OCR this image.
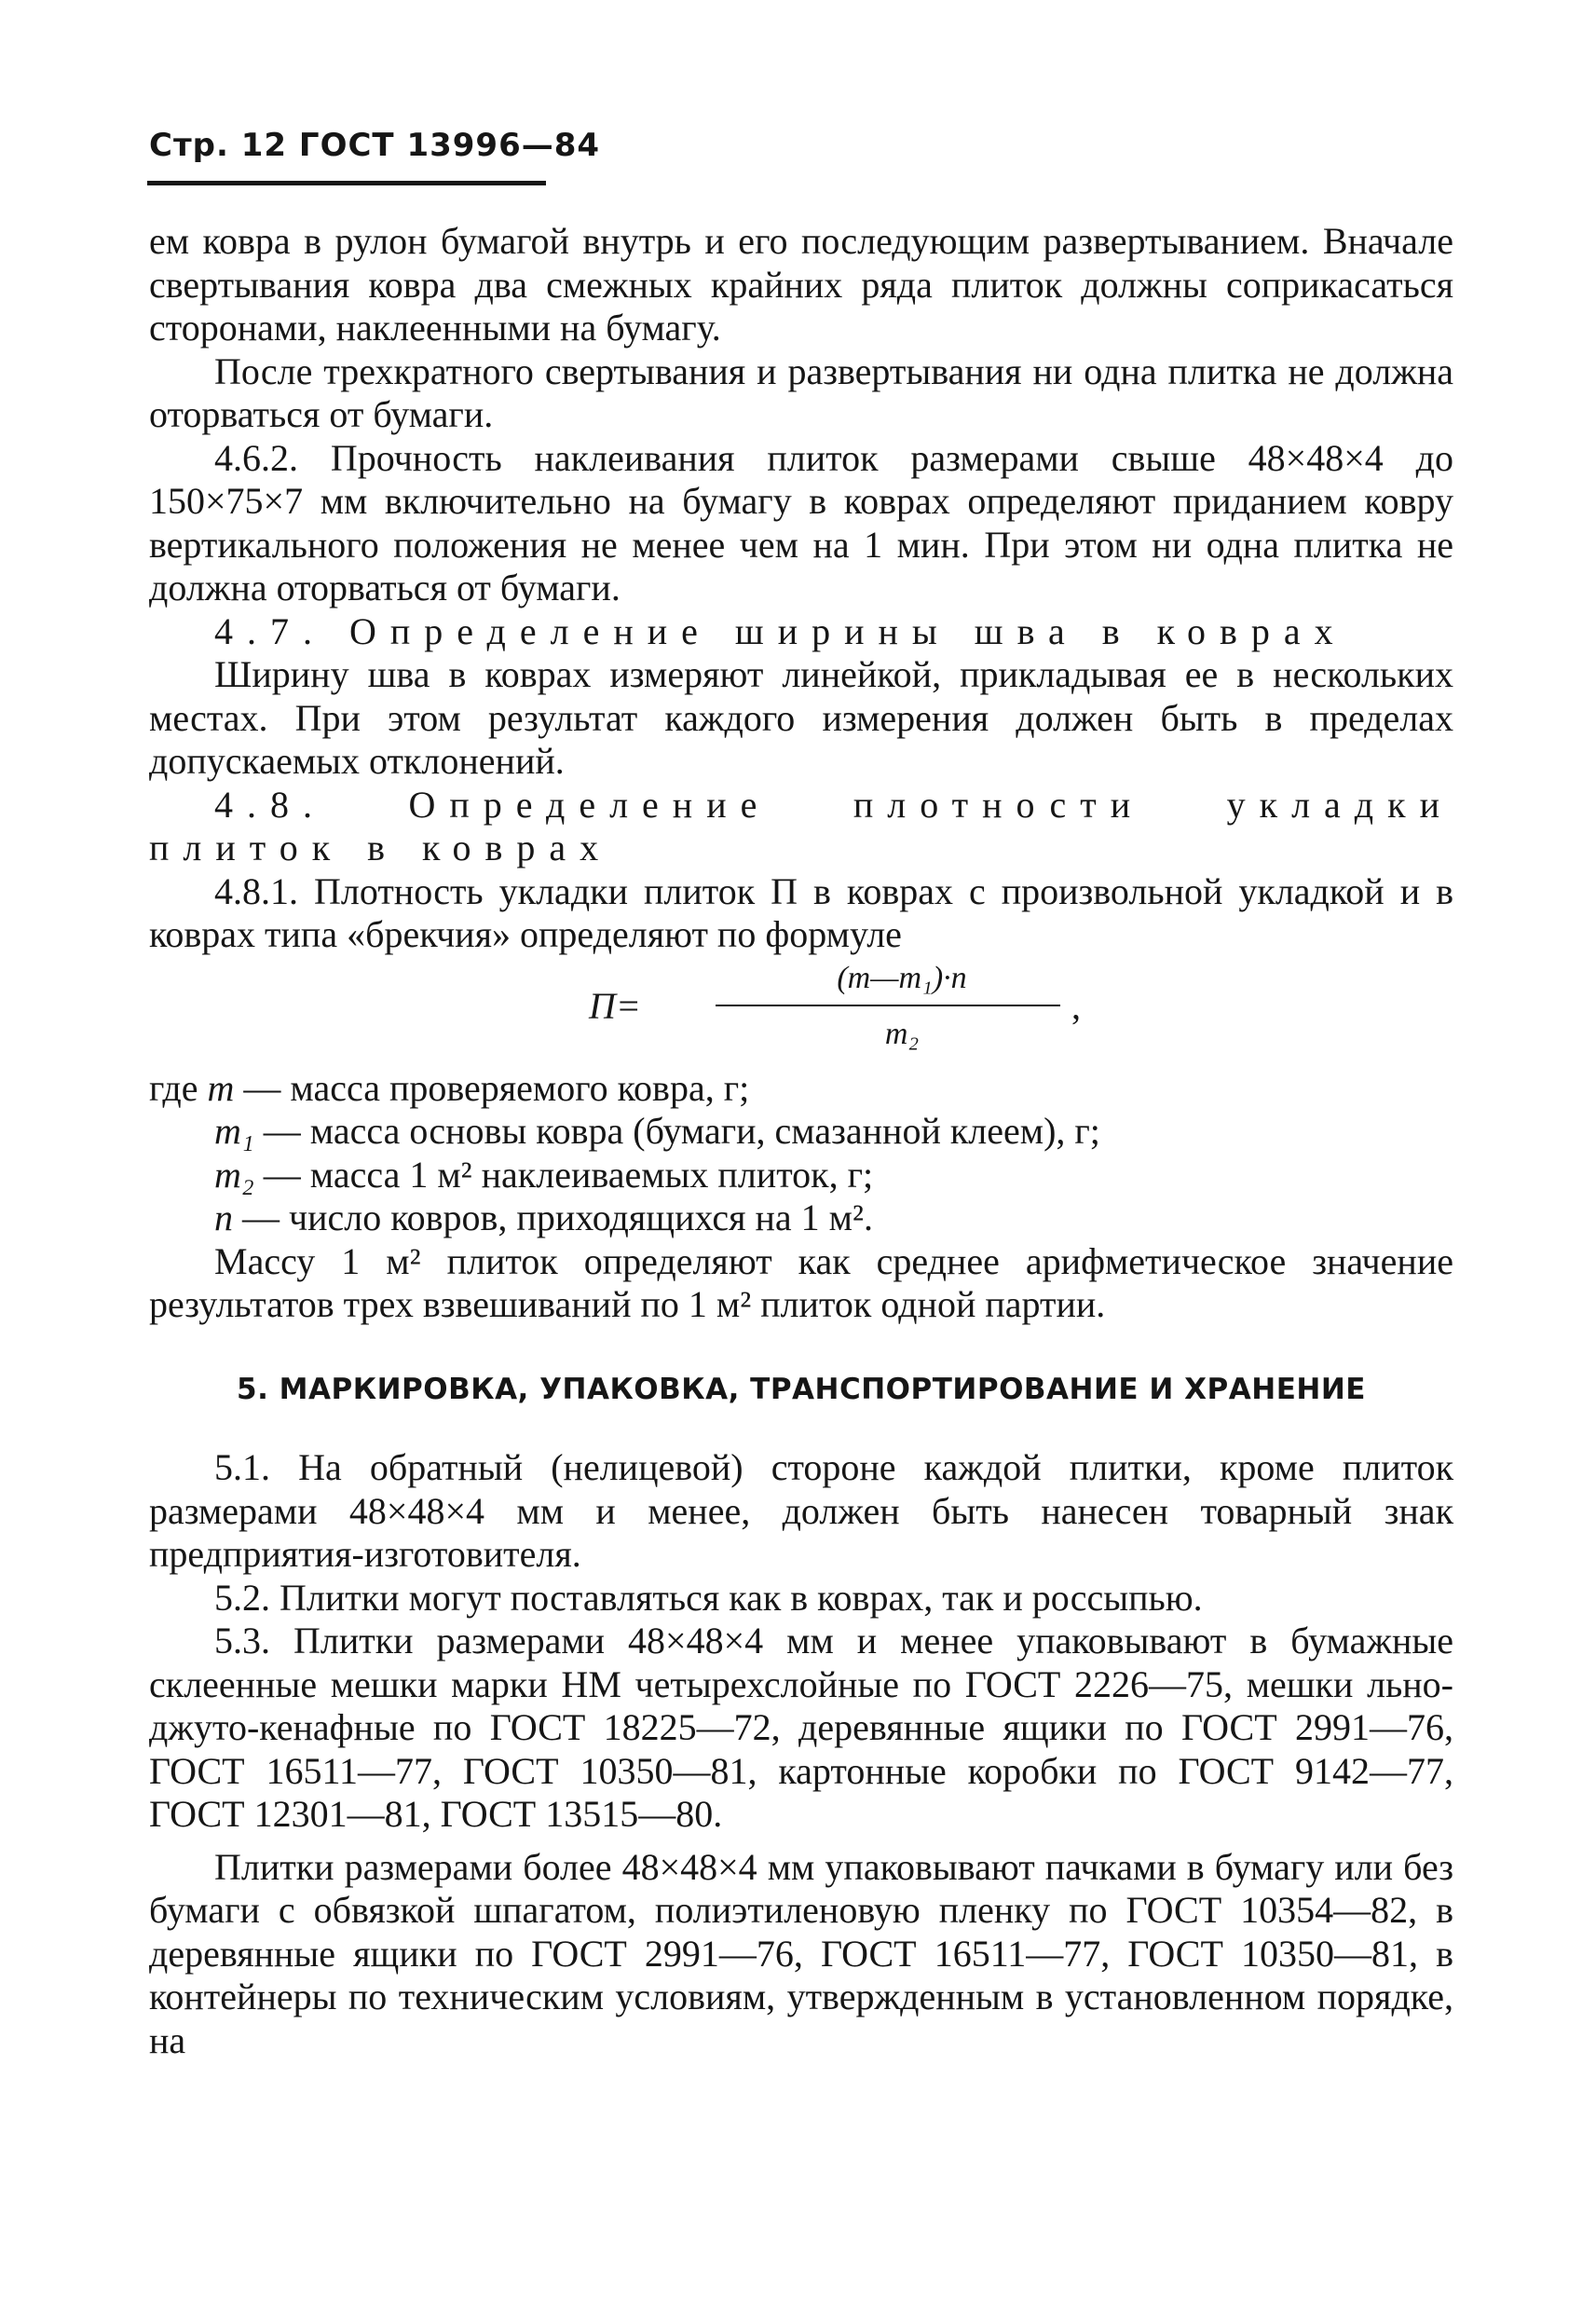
Стр. 12 ГОСТ 13996—84

ем ковра в рулон бумагой внутрь и его последующим развертыванием. Вначале свертывания ковра два смежных крайних ряда плиток должны соприкасаться сторонами, наклеенными на бумагу.

После трехкратного свертывания и развертывания ни одна плитка не должна оторваться от бумаги.

4.6.2. Прочность наклеивания плиток размерами свыше 48×48×4 до 150×75×7 мм включительно на бумагу в коврах определяют приданием ковру вертикального положения не менее чем на 1 мин. При этом ни одна плитка не должна оторваться от бумаги.

4.7. Определение ширины шва в коврах

Ширину шва в коврах измеряют линейкой, прикладывая ее в нескольких местах. При этом результат каждого измерения должен быть в пределах допускаемых отклонений.

4.8. Определение плотности укладки плиток в коврах

4.8.1. Плотность укладки плиток П в коврах с произвольной укладкой и в коврах типа «брекчия» определяют по формуле

П=
(m—m₁)·n
m₂
,

где m — масса проверяемого ковра, г;

m₁ — масса основы ковра (бумаги, смазанной клеем), г;

m₂ — масса 1 м² наклеиваемых плиток, г;

n — число ковров, приходящихся на 1 м².

Массу 1 м² плиток определяют как среднее арифметическое значение результатов трех взвешиваний по 1 м² плиток одной партии.

5. МАРКИРОВКА, УПАКОВКА, ТРАНСПОРТИРОВАНИЕ И ХРАНЕНИЕ

5.1. На обратный (нелицевой) стороне каждой плитки, кроме плиток размерами 48×48×4 мм и менее, должен быть нанесен товарный знак предприятия-изготовителя.

5.2. Плитки могут поставляться как в коврах, так и россыпью.

5.3. Плитки размерами 48×48×4 мм и менее упаковывают в бумажные склеенные мешки марки НМ четырехслойные по ГОСТ 2226—75, мешки льно-джуто-кенафные по ГОСТ 18225—72, деревянные ящики по ГОСТ 2991—76, ГОСТ 16511—77, ГОСТ 10350—81, картонные коробки по ГОСТ 9142—77, ГОСТ 12301—81, ГОСТ 13515—80.

Плитки размерами более 48×48×4 мм упаковывают пачками в бумагу или без бумаги с обвязкой шпагатом, полиэтиленовую пленку по ГОСТ 10354—82, в деревянные ящики по ГОСТ 2991—76, ГОСТ 16511—77, ГОСТ 10350—81, в контейнеры по техническим условиям, утвержденным в установленном порядке, на
